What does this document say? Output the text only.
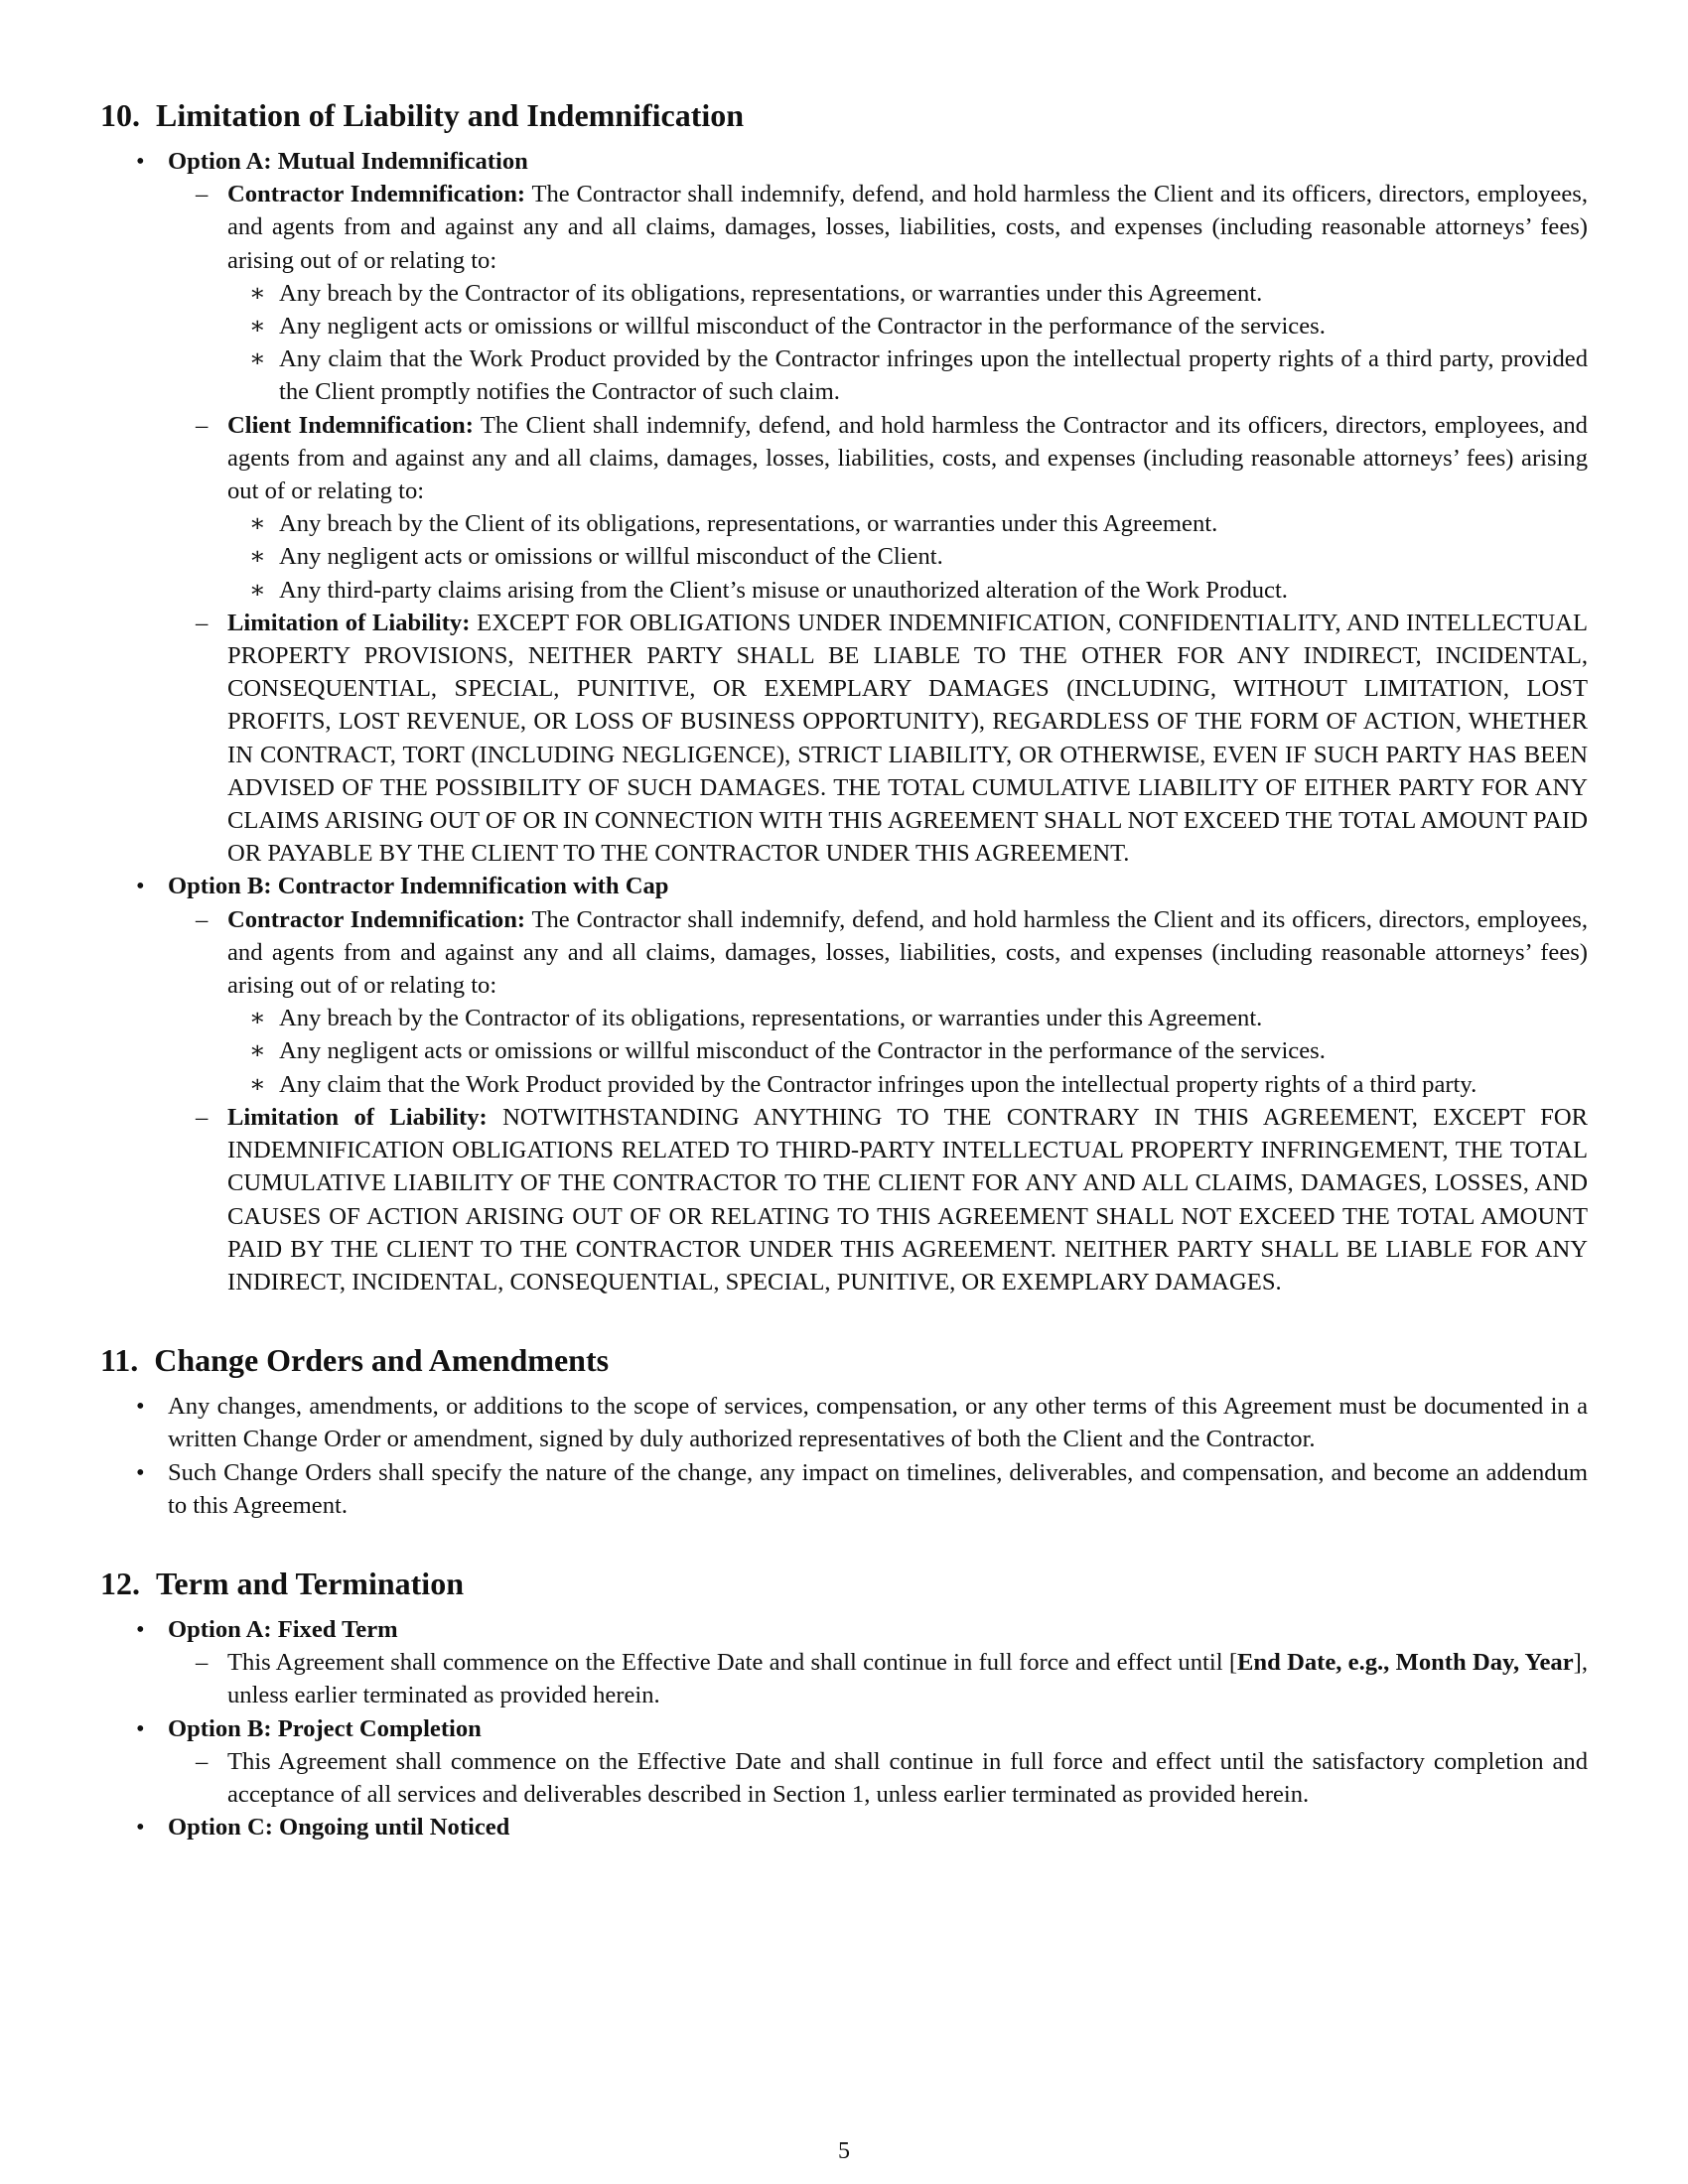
10. Limitation of Liability and Indemnification
• Option A: Mutual Indemnification
– Contractor Indemnification: The Contractor shall indemnify, defend, and hold harmless the Client and its officers, directors, employees, and agents from and against any and all claims, damages, losses, liabilities, costs, and expenses (including reasonable attorneys’ fees) arising out of or relating to:
∗ Any breach by the Contractor of its obligations, representations, or warranties under this Agreement.
∗ Any negligent acts or omissions or willful misconduct of the Contractor in the performance of the services.
∗ Any claim that the Work Product provided by the Contractor infringes upon the intellectual property rights of a third party, provided the Client promptly notifies the Contractor of such claim.
– Client Indemnification: The Client shall indemnify, defend, and hold harmless the Contractor and its officers, directors, employees, and agents from and against any and all claims, damages, losses, liabilities, costs, and expenses (including reasonable attorneys’ fees) arising out of or relating to:
∗ Any breach by the Client of its obligations, representations, or warranties under this Agreement.
∗ Any negligent acts or omissions or willful misconduct of the Client.
∗ Any third-party claims arising from the Client’s misuse or unauthorized alteration of the Work Product.
– Limitation of Liability: EXCEPT FOR OBLIGATIONS UNDER INDEMNIFICATION, CONFIDENTIALITY, AND INTELLECTUAL PROPERTY PROVISIONS, NEITHER PARTY SHALL BE LIABLE TO THE OTHER FOR ANY INDIRECT, INCIDENTAL, CONSEQUENTIAL, SPECIAL, PUNITIVE, OR EXEMPLARY DAMAGES (INCLUDING, WITHOUT LIMITATION, LOST PROFITS, LOST REVENUE, OR LOSS OF BUSINESS OPPORTUNITY), REGARDLESS OF THE FORM OF ACTION, WHETHER IN CONTRACT, TORT (INCLUDING NEGLIGENCE), STRICT LIABILITY, OR OTHERWISE, EVEN IF SUCH PARTY HAS BEEN ADVISED OF THE POSSIBILITY OF SUCH DAMAGES. THE TOTAL CUMULATIVE LIABILITY OF EITHER PARTY FOR ANY CLAIMS ARISING OUT OF OR IN CONNECTION WITH THIS AGREEMENT SHALL NOT EXCEED THE TOTAL AMOUNT PAID OR PAYABLE BY THE CLIENT TO THE CONTRACTOR UNDER THIS AGREEMENT.
• Option B: Contractor Indemnification with Cap
– Contractor Indemnification: The Contractor shall indemnify, defend, and hold harmless the Client and its officers, directors, employees, and agents from and against any and all claims, damages, losses, liabilities, costs, and expenses (including reasonable attorneys’ fees) arising out of or relating to:
∗ Any breach by the Contractor of its obligations, representations, or warranties under this Agreement.
∗ Any negligent acts or omissions or willful misconduct of the Contractor in the performance of the services.
∗ Any claim that the Work Product provided by the Contractor infringes upon the intellectual property rights of a third party.
– Limitation of Liability: NOTWITHSTANDING ANYTHING TO THE CONTRARY IN THIS AGREEMENT, EXCEPT FOR INDEMNIFICATION OBLIGATIONS RELATED TO THIRD-PARTY INTELLECTUAL PROPERTY INFRINGEMENT, THE TOTAL CUMULATIVE LIABILITY OF THE CONTRACTOR TO THE CLIENT FOR ANY AND ALL CLAIMS, DAMAGES, LOSSES, AND CAUSES OF ACTION ARISING OUT OF OR RELATING TO THIS AGREEMENT SHALL NOT EXCEED THE TOTAL AMOUNT PAID BY THE CLIENT TO THE CONTRACTOR UNDER THIS AGREEMENT. NEITHER PARTY SHALL BE LIABLE FOR ANY INDIRECT, INCIDENTAL, CONSEQUENTIAL, SPECIAL, PUNITIVE, OR EXEMPLARY DAMAGES.
11. Change Orders and Amendments
• Any changes, amendments, or additions to the scope of services, compensation, or any other terms of this Agreement must be documented in a written Change Order or amendment, signed by duly authorized representatives of both the Client and the Contractor.
• Such Change Orders shall specify the nature of the change, any impact on timelines, deliverables, and compensation, and become an addendum to this Agreement.
12. Term and Termination
• Option A: Fixed Term
– This Agreement shall commence on the Effective Date and shall continue in full force and effect until [End Date, e.g., Month Day, Year], unless earlier terminated as provided herein.
• Option B: Project Completion
– This Agreement shall commence on the Effective Date and shall continue in full force and effect until the satisfactory completion and acceptance of all services and deliverables described in Section 1, unless earlier terminated as provided herein.
• Option C: Ongoing until Noticed
5
